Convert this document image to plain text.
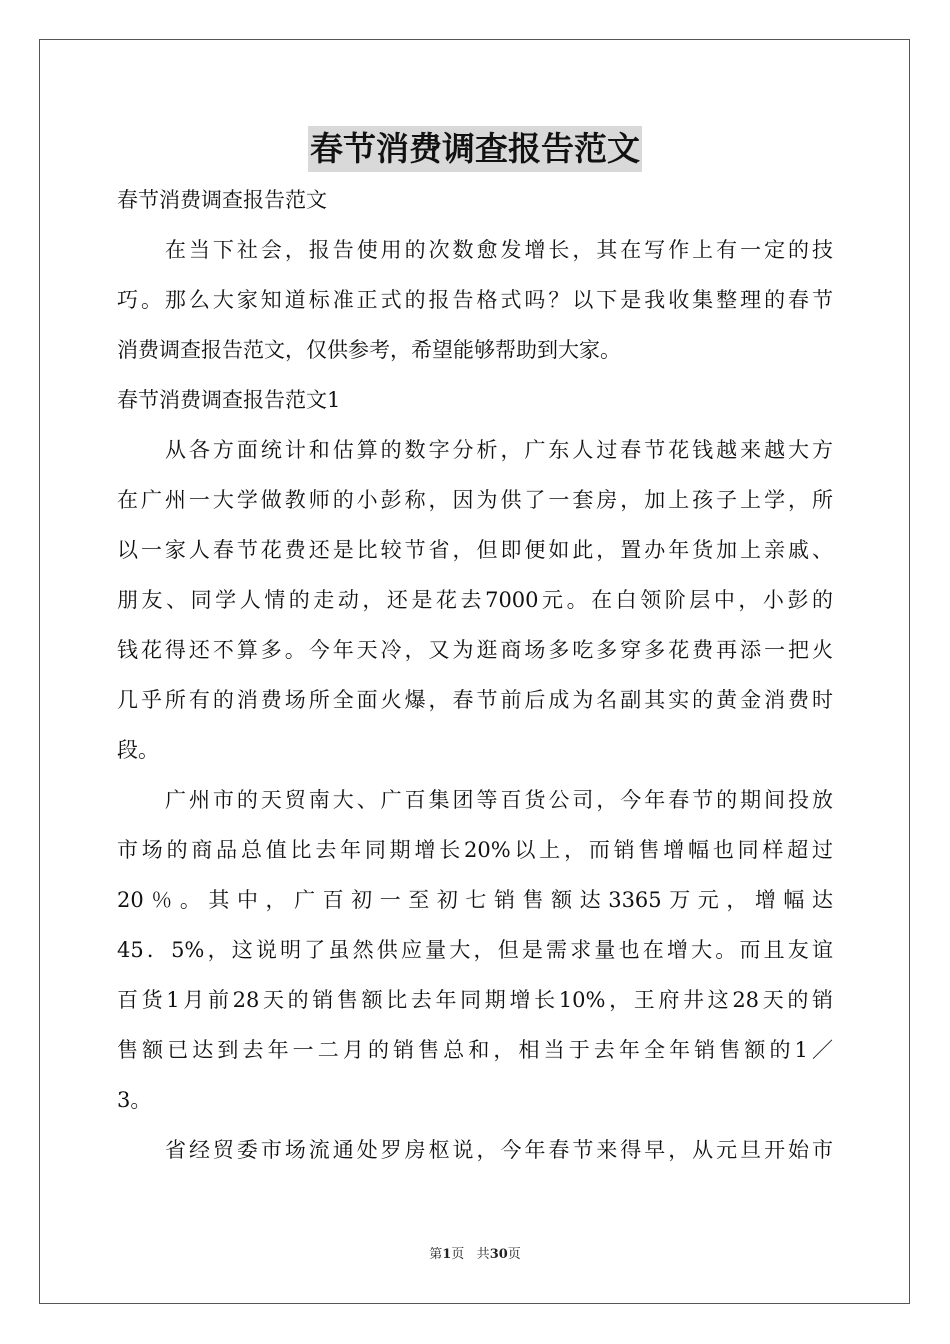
春节消费调查报告范文

春节消费调查报告范文

在当下社会，报告使用的次数愈发增长，其在写作上有一定的技

巧。那么大家知道标准正式的报告格式吗？以下是我收集整理的春节

消费调查报告范文，仅供参考，希望能够帮助到大家。

春节消费调查报告范文1

从各方面统计和估算的数字分析，广东人过春节花钱越来越大方

在广州一大学做教师的小彭称，因为供了一套房，加上孩子上学，所

以一家人春节花费还是比较节省，但即便如此，置办年货加上亲戚、

朋友、同学人情的走动，还是花去7000元。在白领阶层中，小彭的

钱花得还不算多。今年天冷，又为逛商场多吃多穿多花费再添一把火

几乎所有的消费场所全面火爆，春节前后成为名副其实的黄金消费时

段。

广州市的天贸南大、广百集团等百货公司，今年春节的期间投放

市场的商品总值比去年同期增长20%以上，而销售增幅也同样超过

20％。其中，广百初一至初七销售额达3365万元，增幅达

45．5%，这说明了虽然供应量大，但是需求量也在增大。而且友谊

百货1月前28天的销售额比去年同期增长10%，王府井这28天的销

售额已达到去年一二月的销售总和，相当于去年全年销售额的1／

3。

省经贸委市场流通处罗房枢说，今年春节来得早，从元旦开始市

第1页 共30页
